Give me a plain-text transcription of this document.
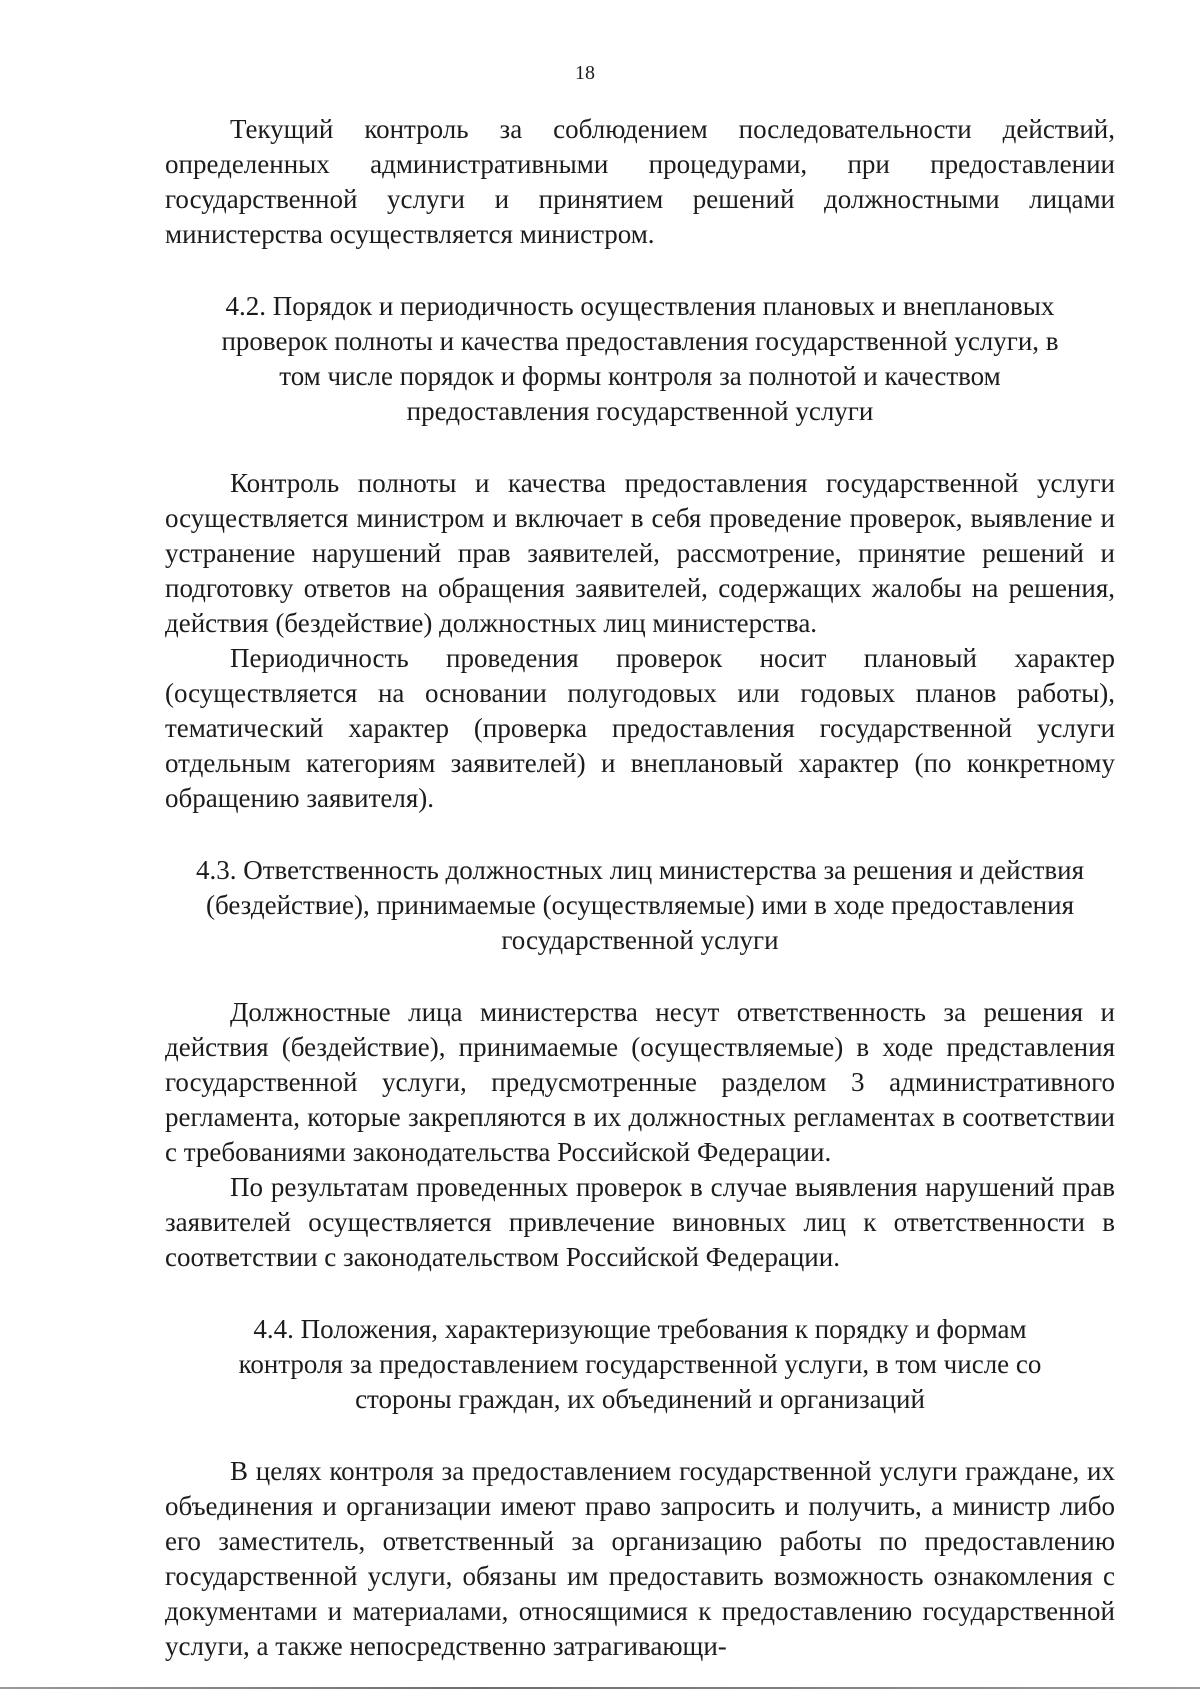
18

Текущий контроль за соблюдением последовательности действий, определенных административными процедурами, при предоставлении государственной услуги и принятием решений должностными лицами министерства осуществляется министром.

4.2. Порядок и периодичность осуществления плановых и внеплановых проверок полноты и качества предоставления государственной услуги, в том числе порядок и формы контроля за полнотой и качеством предоставления государственной услуги

Контроль полноты и качества предоставления государственной услуги осуществляется министром и включает в себя проведение проверок, выявление и устранение нарушений прав заявителей, рассмотрение, принятие решений и подготовку ответов на обращения заявителей, содержащих жалобы на решения, действия (бездействие) должностных лиц министерства.

Периодичность проведения проверок носит плановый характер (осуществляется на основании полугодовых или годовых планов работы), тематический характер (проверка предоставления государственной услуги отдельным категориям заявителей) и внеплановый характер (по конкретному обращению заявителя).

4.3. Ответственность должностных лиц министерства за решения и действия (бездействие), принимаемые (осуществляемые) ими в ходе предоставления государственной услуги

Должностные лица министерства несут ответственность за решения и действия (бездействие), принимаемые (осуществляемые) в ходе представления государственной услуги, предусмотренные разделом 3 административного регламента, которые закрепляются в их должностных регламентах в соответствии с требованиями законодательства Российской Федерации.

По результатам проведенных проверок в случае выявления нарушений прав заявителей осуществляется привлечение виновных лиц к ответственности в соответствии с законодательством Российской Федерации.

4.4. Положения, характеризующие требования к порядку и формам контроля за предоставлением государственной услуги, в том числе со стороны граждан, их объединений и организаций

В целях контроля за предоставлением государственной услуги граждане, их объединения и организации имеют право запросить и получить, а министр либо его заместитель, ответственный за организацию работы по предоставлению государственной услуги, обязаны им предоставить возможность ознакомления с документами и материалами, относящимися к предоставлению государственной услуги, а также непосредственно затрагивающи-
